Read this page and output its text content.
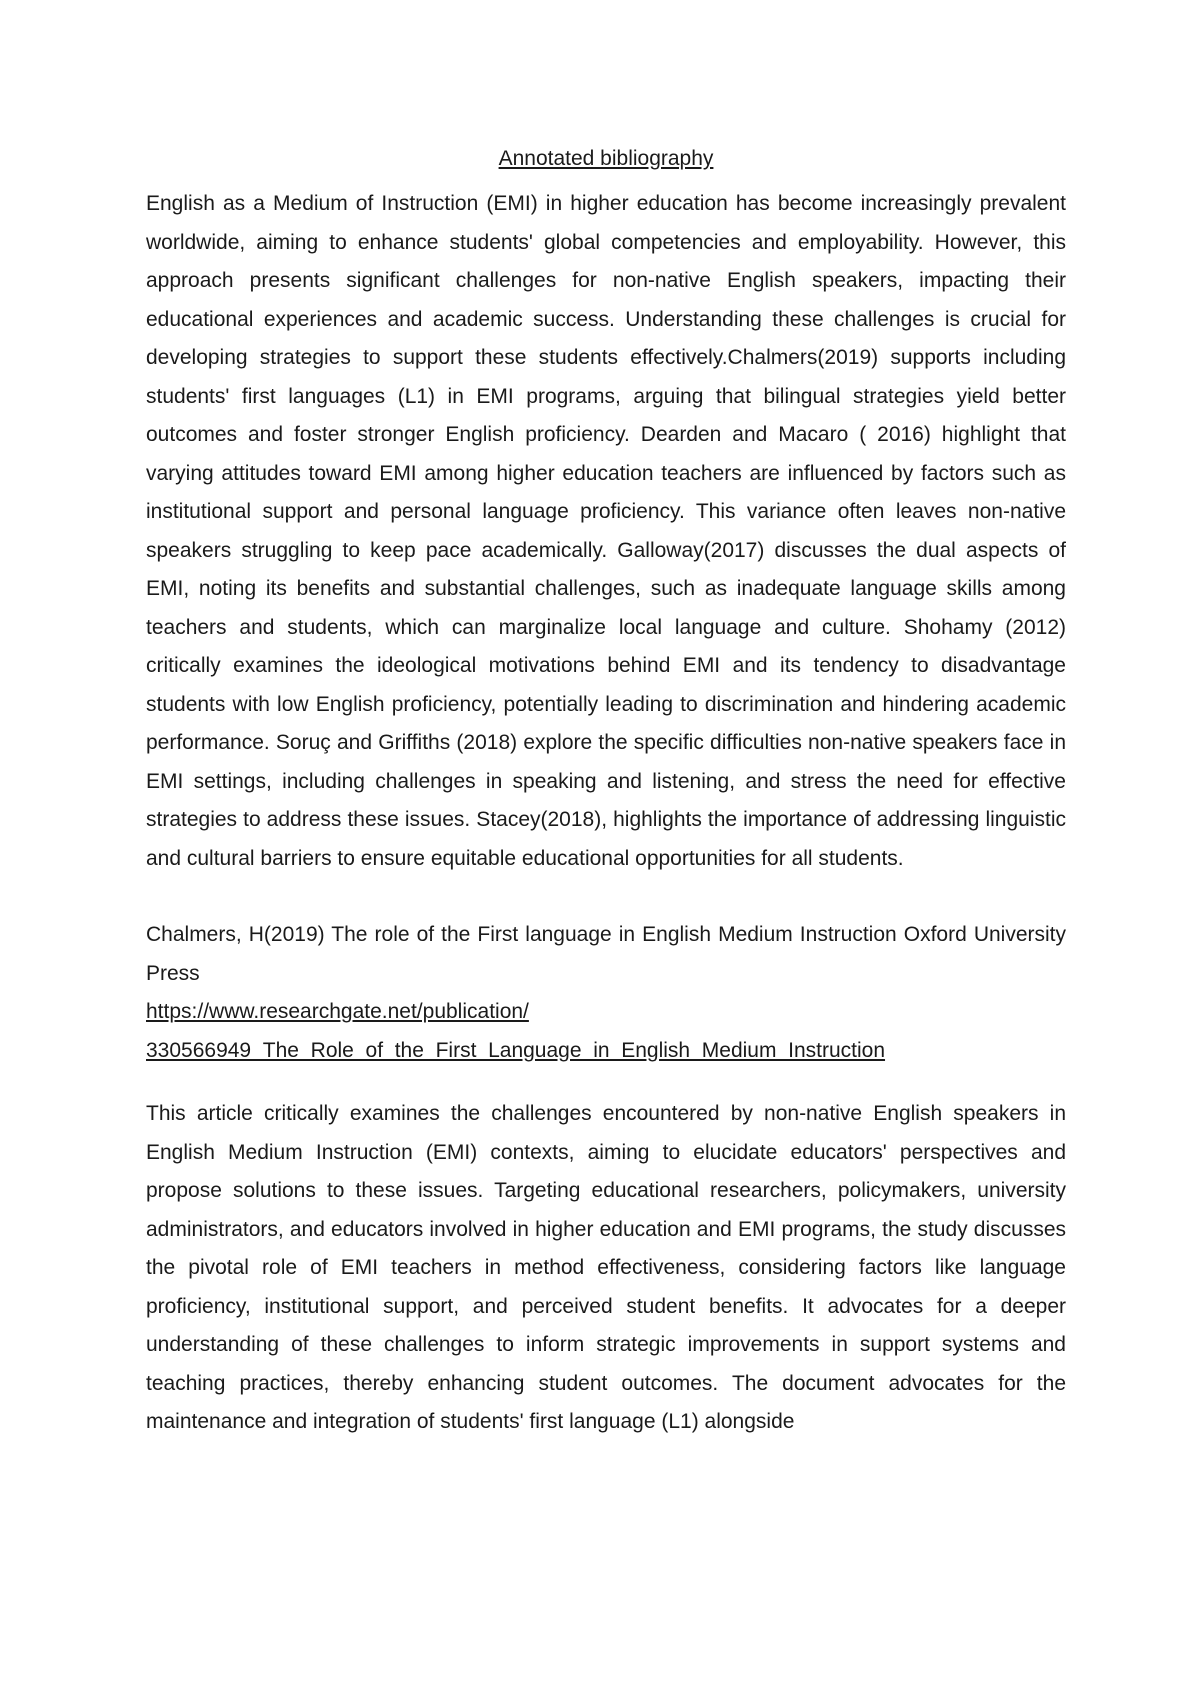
Annotated bibliography

English as a Medium of Instruction (EMI) in higher education has become increasingly prevalent worldwide, aiming to enhance students' global competencies and employability. However, this approach presents significant challenges for non-native English speakers, impacting their educational experiences and academic success. Understanding these challenges is crucial for developing strategies to support these students effectively.Chalmers(2019) supports including students' first languages (L1) in EMI programs, arguing that bilingual strategies yield better outcomes and foster stronger English proficiency. Dearden and Macaro ( 2016) highlight that varying attitudes toward EMI among higher education teachers are influenced by factors such as institutional support and personal language proficiency. This variance often leaves non-native speakers struggling to keep pace academically. Galloway(2017) discusses the dual aspects of EMI, noting its benefits and substantial challenges, such as inadequate language skills among teachers and students, which can marginalize local language and culture. Shohamy (2012) critically examines the ideological motivations behind EMI and its tendency to disadvantage students with low English proficiency, potentially leading to discrimination and hindering academic performance. Soruç and Griffiths (2018) explore the specific difficulties non-native speakers face in EMI settings, including challenges in speaking and listening, and stress the need for effective strategies to address these issues. Stacey(2018), highlights the importance of addressing linguistic and cultural barriers to ensure equitable educational opportunities for all students.

Chalmers, H(2019) The role of the First language in English Medium Instruction Oxford University Press

https://www.researchgate.net/publication/
330566949_The_Role_of_the_First_Language_in_English_Medium_Instruction

This article critically examines the challenges encountered by non-native English speakers in English Medium Instruction (EMI) contexts, aiming to elucidate educators' perspectives and propose solutions to these issues. Targeting educational researchers, policymakers, university administrators, and educators involved in higher education and EMI programs, the study discusses the pivotal role of EMI teachers in method effectiveness, considering factors like language proficiency, institutional support, and perceived student benefits. It advocates for a deeper understanding of these challenges to inform strategic improvements in support systems and teaching practices, thereby enhancing student outcomes. The document advocates for the maintenance and integration of students' first language (L1) alongside
